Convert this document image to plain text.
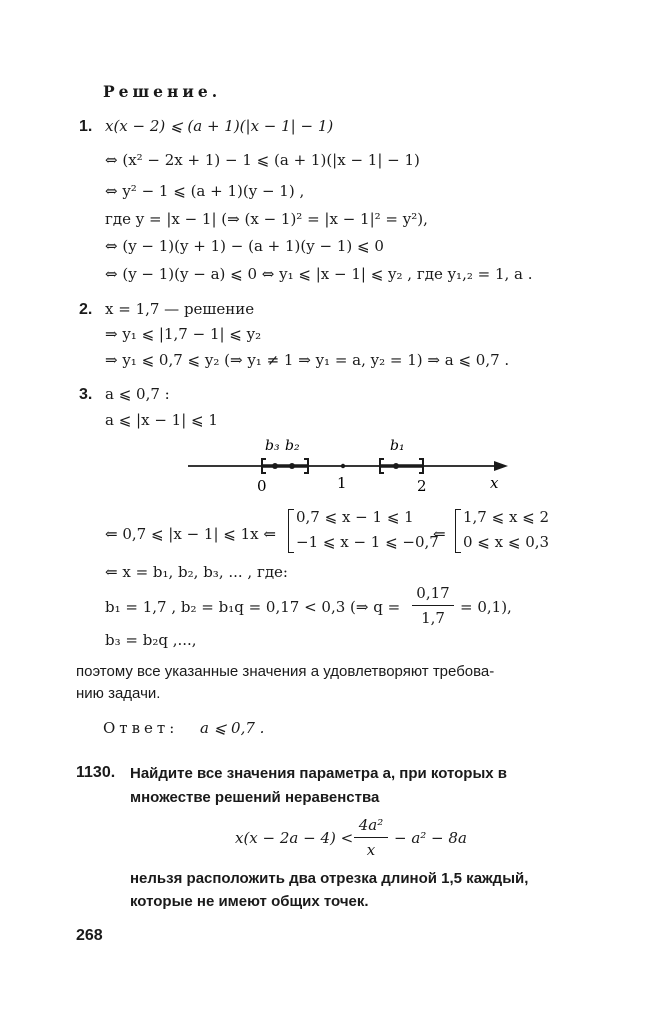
Решение.
1. x(x − 2) ⩽ (a + 1)(|x − 1| − 1)
⇔ (x² − 2x + 1) − 1 ⩽ (a + 1)(|x − 1| − 1)
⇔ y² − 1 ⩽ (a + 1)(y − 1) ,
где y = |x − 1| (⇒ (x − 1)² = |x − 1|² = y²),
⇔ (y − 1)(y + 1) − (a + 1)(y − 1) ⩽ 0
⇔ (y − 1)(y − a) ⩽ 0 ⇔ y₁ ⩽ |x − 1| ⩽ y₂ , где y₁,₂ = 1, a .
2. x = 1,7 — решение
⇒ y₁ ⩽ |1,7 − 1| ⩽ y₂
⇒ y₁ ⩽ 0,7 ⩽ y₂ (⇒ y₁ ≠ 1 ⇒ y₁ = a, y₂ = 1) ⇒ a ⩽ 0,7 .
3. a ⩽ 0,7 :
a ⩽ |x − 1| ⩽ 1
b₃ b₂	b₁
0	1	2	x
⇐ 0,7 ⩽ |x − 1| ⩽ 1x ⇐
0,7 ⩽ x − 1 ⩽ 1
−1 ⩽ x − 1 ⩽ −0,7
⇐
1,7 ⩽ x ⩽ 2
0 ⩽ x ⩽ 0,3
⇐ x = b₁, b₂, b₃, ... , где:
b₁ = 1,7 , b₂ = b₁q = 0,17 < 0,3 (⇒ q =
0,17
1,7
= 0,1),
b₃ = b₂q ,...,
поэтому все указанные значения a удовлетворяют требова-
нию задачи.
Ответ: a ⩽ 0,7 .
1130. Найдите все значения параметра a, при которых в
множестве решений неравенства
x(x − 2a − 4) <
4a²
x
− a² − 8a
нельзя расположить два отрезка длиной 1,5 каждый,
которые не имеют общих точек.
268
